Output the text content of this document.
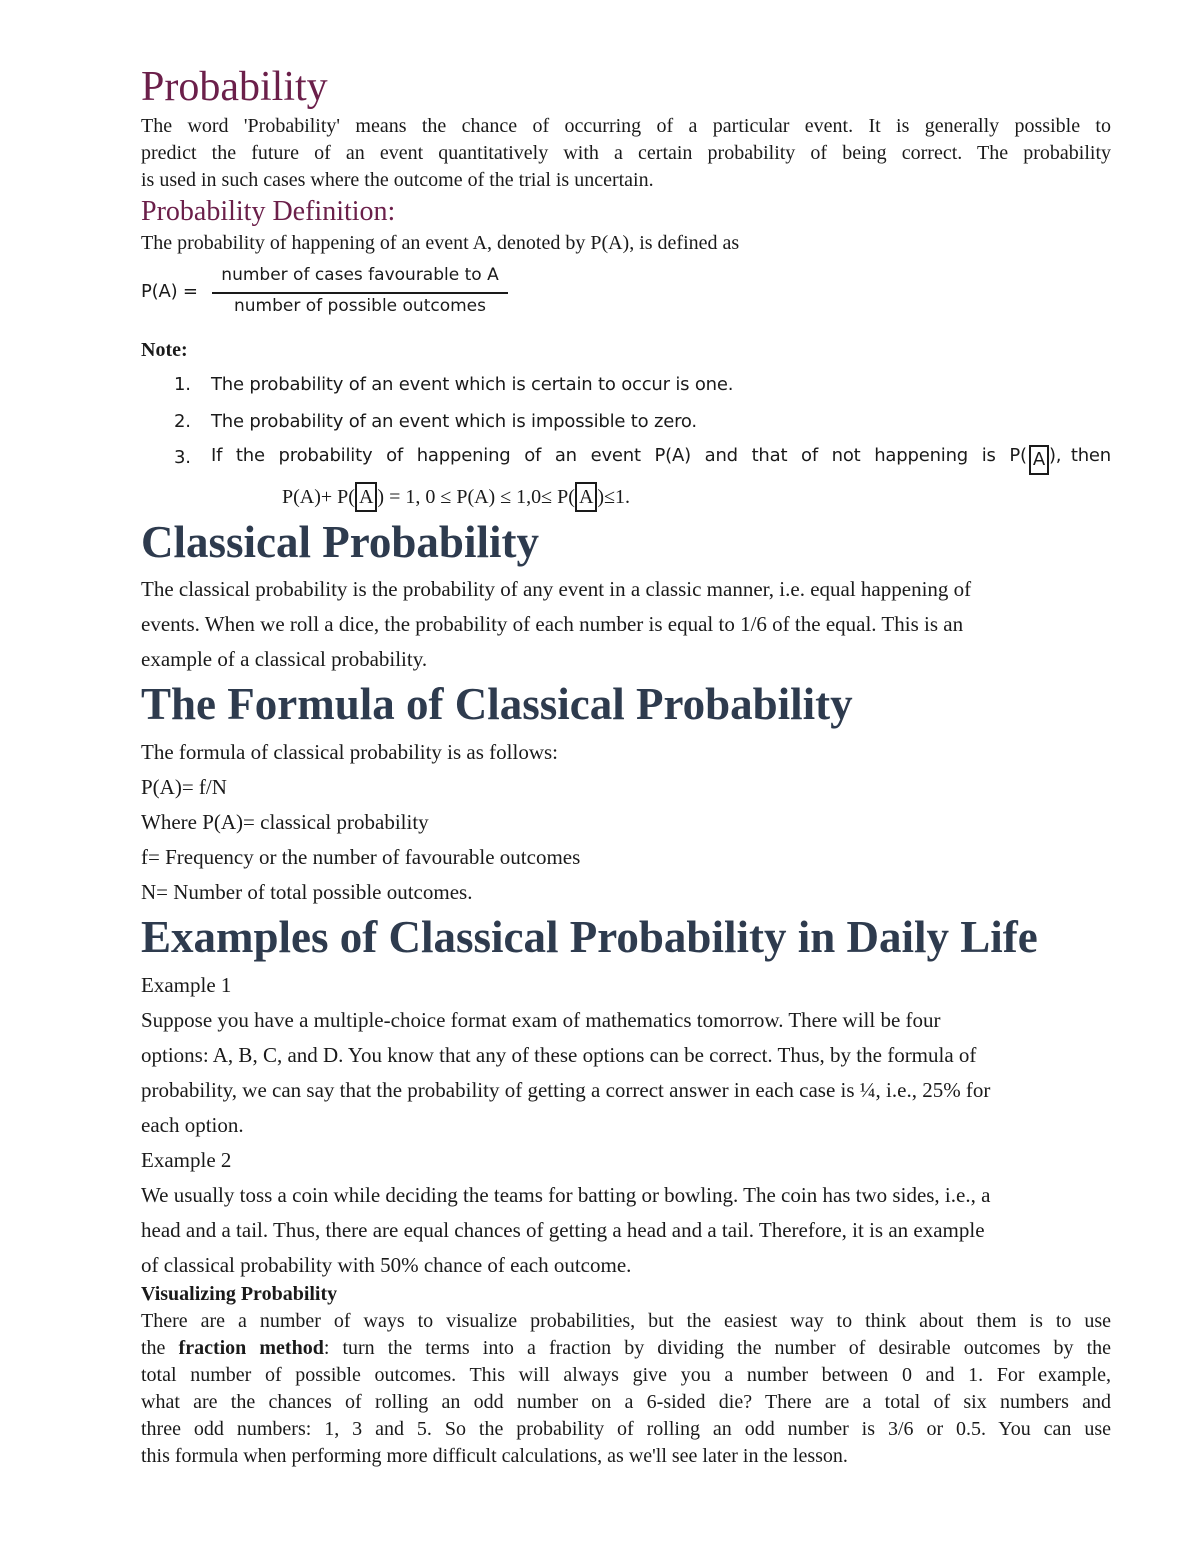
Probability
The word 'Probability' means the chance of occurring of a particular event. It is generally possible to
predict the future of an event quantitatively with a certain probability of being correct. The probability
is used in such cases where the outcome of the trial is uncertain.
Probability Definition:
The probability of happening of an event A, denoted by P(A), is defined as
P(A) =
number of cases favourable to A
number of possible outcomes
Note:
1. The probability of an event which is certain to occur is one.
2. The probability of an event which is impossible to zero.
3. If the probability of happening of an event P(A) and that of not happening is P( A ), then
P(A)+ P( A ) = 1, 0 ≤ P(A) ≤ 1,0≤ P( A )≤1.
Classical Probability
The classical probability is the probability of any event in a classic manner, i.e. equal happening of
events. When we roll a dice, the probability of each number is equal to 1/6 of the equal. This is an
example of a classical probability.
The Formula of Classical Probability
The formula of classical probability is as follows:
P(A)= f/N
Where P(A)= classical probability
f= Frequency or the number of favourable outcomes
N= Number of total possible outcomes.
Examples of Classical Probability in Daily Life
Example 1
Suppose you have a multiple-choice format exam of mathematics tomorrow. There will be four
options: A, B, C, and D. You know that any of these options can be correct. Thus, by the formula of
probability, we can say that the probability of getting a correct answer in each case is ¼, i.e., 25% for
each option.
Example 2
We usually toss a coin while deciding the teams for batting or bowling. The coin has two sides, i.e., a
head and a tail. Thus, there are equal chances of getting a head and a tail. Therefore, it is an example
of classical probability with 50% chance of each outcome.
Visualizing Probability
There are a number of ways to visualize probabilities, but the easiest way to think about them is to use
the fraction method: turn the terms into a fraction by dividing the number of desirable outcomes by the
total number of possible outcomes. This will always give you a number between 0 and 1. For example,
what are the chances of rolling an odd number on a 6-sided die? There are a total of six numbers and
three odd numbers: 1, 3 and 5. So the probability of rolling an odd number is 3/6 or 0.5. You can use
this formula when performing more difficult calculations, as we'll see later in the lesson.
